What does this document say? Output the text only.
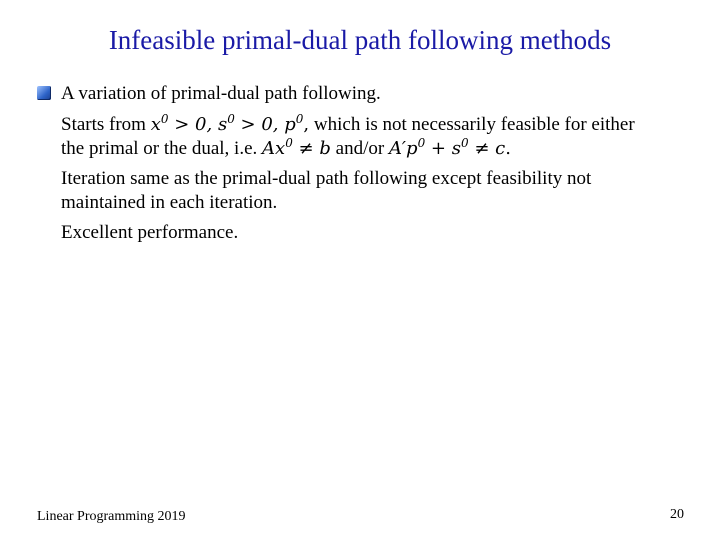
Infeasible primal-dual path following methods
A variation of primal-dual path following.
Starts from $x^0 > 0$, $s^0 > 0$, $p^0$, which is not necessarily feasible for either
the primal or the dual, i.e. $Ax^0 \ne b$ and/or $A'p^0 + s^0 \ne c$.
Iteration same as the primal-dual path following except feasibility not maintained in each iteration.
Excellent performance.
Linear Programming 2019	20
